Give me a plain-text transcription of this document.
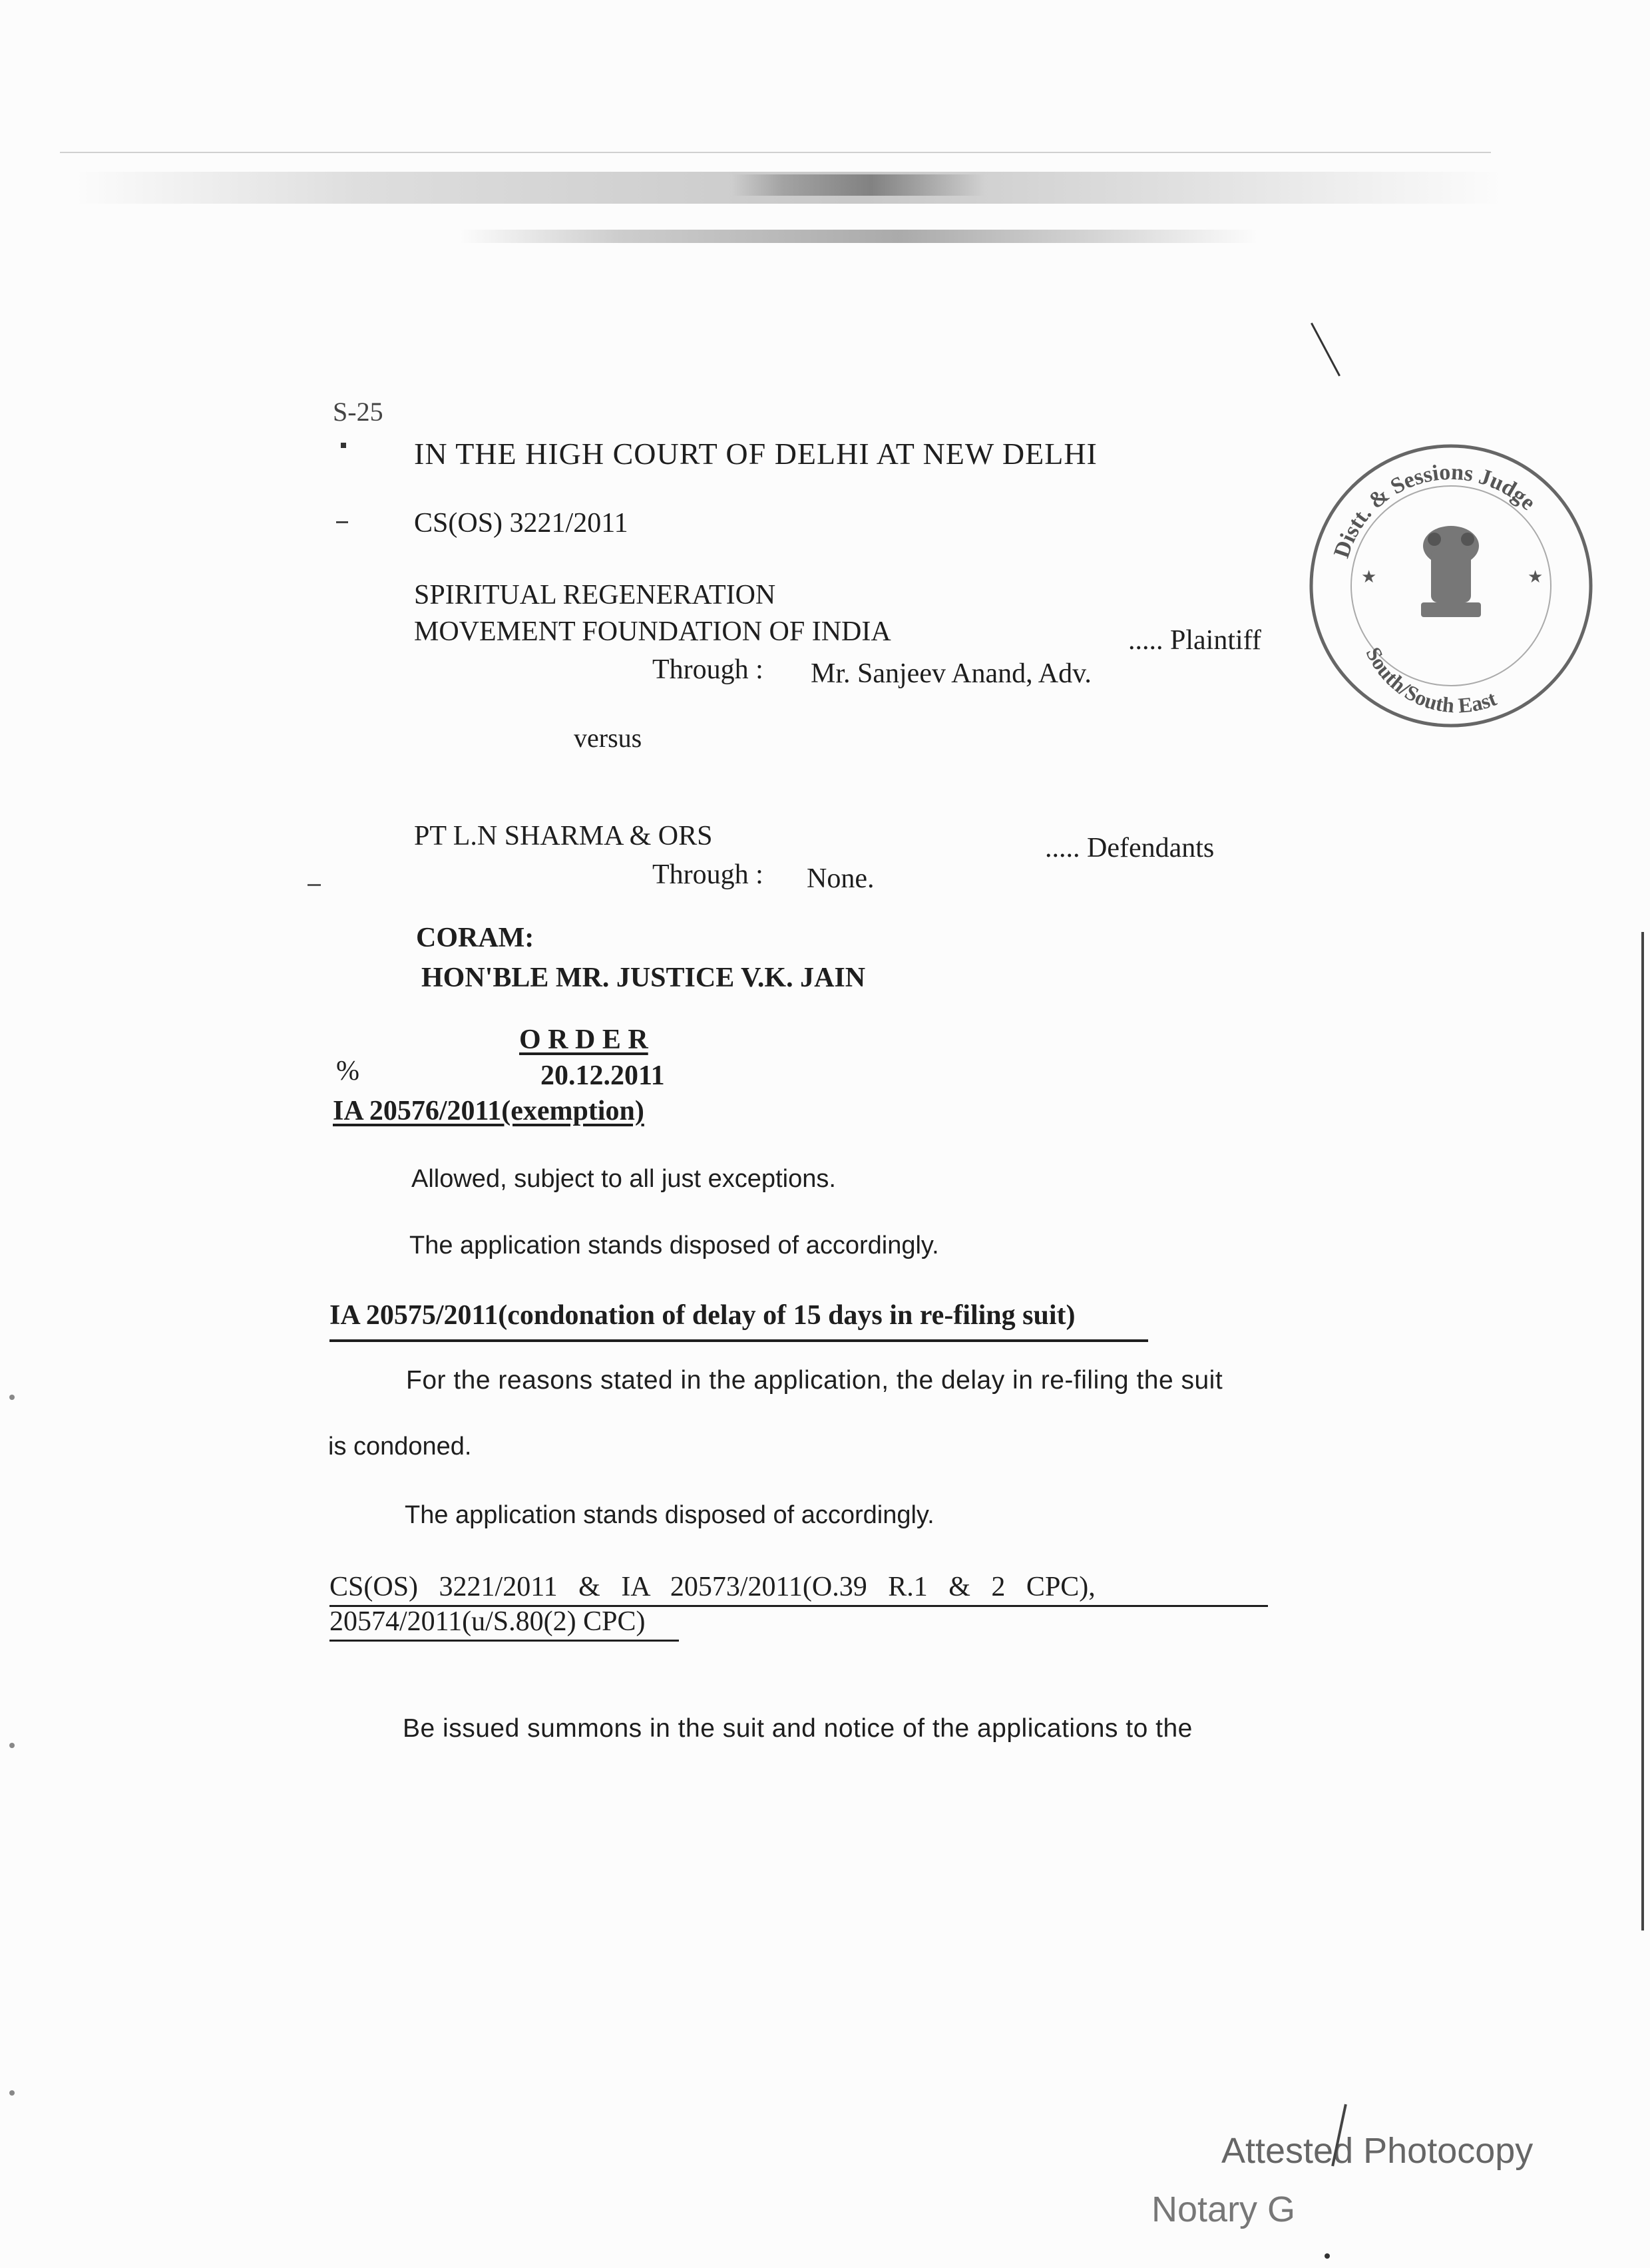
S-25
IN THE HIGH COURT OF DELHI AT NEW DELHI
CS(OS) 3221/2011
SPIRITUAL REGENERATION
MOVEMENT FOUNDATION OF INDIA	..... Plaintiff
Through : Mr. Sanjeev Anand, Adv.
versus
PT L.N SHARMA & ORS	..... Defendants
Through : None.
CORAM:
HON'BLE MR. JUSTICE V.K. JAIN
O R D E R
%	20.12.2011
IA 20576/2011(exemption)
Allowed, subject to all just exceptions.
The application stands disposed of accordingly.
IA 20575/2011(condonation of delay of 15 days in re-filing suit)
For the reasons stated in the application, the delay in re-filing the suit
is condoned.
The application stands disposed of accordingly.
CS(OS)   3221/2011   &   IA   20573/2011(O.39   R.1   &   2   CPC),
20574/2011(u/S.80(2) CPC)
Be issued summons in the suit and notice of the applications to the
Distt. & Sessions Judge
South/South East
★	★
Attested Photocopy
Notary G
